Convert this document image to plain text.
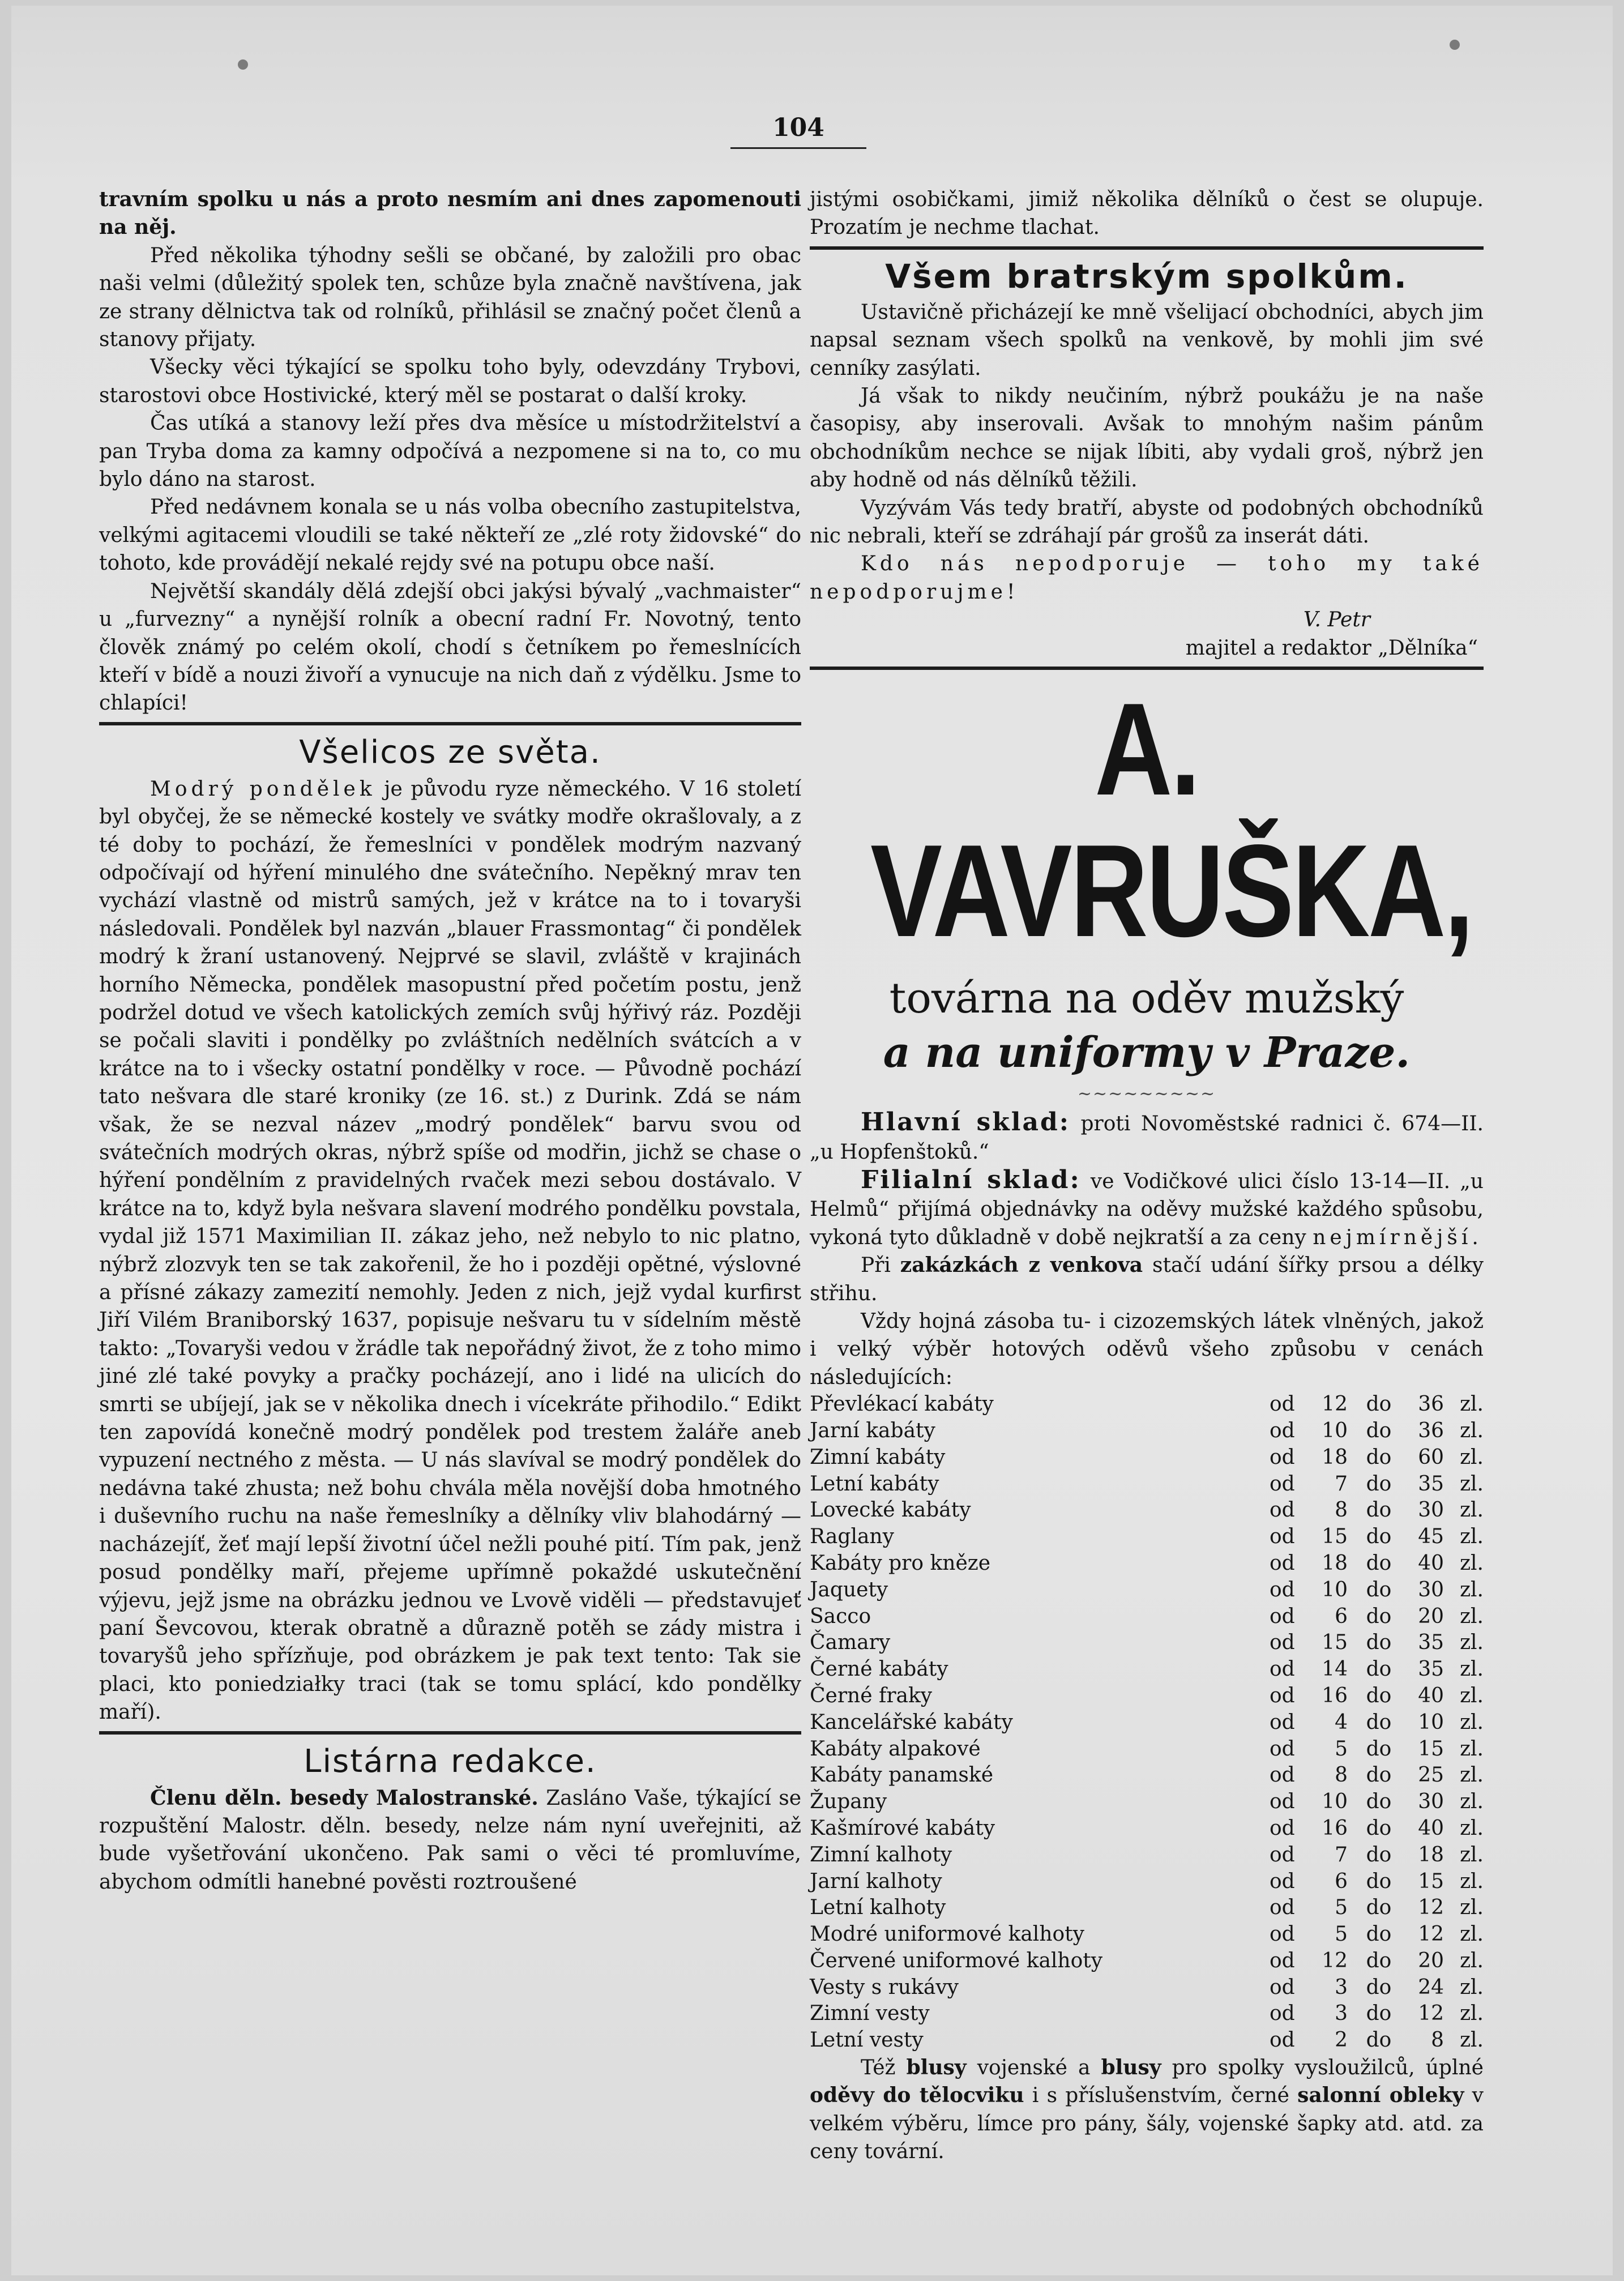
104

travním spolku u nás a proto nesmím ani dnes zapomenouti na něj.

Před několika týhodny sešli se občané, by založili pro obac naši velmi (důležitý spolek ten, schůze byla značně navštívena, jak ze strany dělnictva tak od rolníků, přihlásil se značný počet členů a stanovy přijaty.

Všecky věci týkající se spolku toho byly, odevzdány Trybovi, starostovi obce Hostivické, který měl se postarat o další kroky.

Čas utíká a stanovy leží přes dva měsíce u místodržitelství a pan Tryba doma za kamny odpočívá a nezpomene si na to, co mu bylo dáno na starost.

Před nedávnem konala se u nás volba obecního zastupitelstva, velkými agitacemi vloudili se také někteří ze „zlé roty židovské“ do tohoto, kde provádějí nekalé rejdy své na potupu obce naší.

Největší skandály dělá zdejší obci jakýsi bývalý „vachmaister“ u „furvezny“ a nynější rolník a obecní radní Fr. Novotný, tento člověk známý po celém okolí, chodí s četníkem po řemeslnících kteří v bídě a nouzi živoří a vynucuje na nich daň z výdělku. Jsme to chlapíci!

Všelicos ze světa.

Modrý pondělek je původu ryze německého. V 16 století byl obyčej, že se německé kostely ve svátky modře okrašlovaly, a z té doby to pochází, že řemeslníci v pondělek modrým nazvaný odpočívají od hýření minulého dne svátečního. Nepěkný mrav ten vychází vlastně od mistrů samých, jež v krátce na to i tovaryši následovali. Pondělek byl nazván „blauer Frassmontag“ či pondělek modrý k žraní ustanovený. Nejprvé se slavil, zvláště v krajinách horního Německa, pondělek masopustní před početím postu, jenž podržel dotud ve všech katolických zemích svůj hýřivý ráz. Později se počali slaviti i pondělky po zvláštních nedělních svátcích a v krátce na to i všecky ostatní pondělky v roce. — Původně pochází tato nešvara dle staré kroniky (ze 16. st.) z Durink. Zdá se nám však, že se nezval název „modrý pondělek“ barvu svou od svátečních modrých okras, nýbrž spíše od modřin, jichž se chase o hýření pondělním z pravidelných rvaček mezi sebou dostávalo. V krátce na to, když byla nešvara slavení modrého pondělku povstala, vydal již 1571 Maximilian II. zákaz jeho, než nebylo to nic platno, nýbrž zlozvyk ten se tak zakořenil, že ho i později opětné, výslovné a přísné zákazy zamezití nemohly. Jeden z nich, jejž vydal kurfirst Jiří Vilém Braniborský 1637, popisuje nešvaru tu v sídelním městě takto: „Tovaryši vedou v žrádle tak nepořádný život, že z toho mimo jiné zlé také povyky a pračky pocházejí, ano i lidé na ulicích do smrti se ubíjejí, jak se v několika dnech i vícekráte přihodilo.“ Edikt ten zapovídá konečně modrý pondělek pod trestem žaláře aneb vypuzení nectného z města. — U nás slavíval se modrý pondělek do nedávna také zhusta; než bohu chvála měla novější doba hmotného i duševního ruchu na naše řemeslníky a dělníky vliv blahodárný — nacházejíť, žeť mají lepší životní účel nežli pouhé pití. Tím pak, jenž posud pondělky maří, přejeme upřímně pokaždé uskutečnění výjevu, jejž jsme na obrázku jednou ve Lvově viděli — představujeť paní Ševcovou, kterak obratně a důrazně potěh se zády mistra i tovaryšů jeho spřízňuje, pod obrázkem je pak text tento: Tak sie placi, kto poniedziałky traci (tak se tomu splácí, kdo pondělky maří).

Listárna redakce.

Členu děln. besedy Malostranské. Zasláno Vaše, týkající se rozpuštění Malostr. děln. besedy, nelze nám nyní uveřejniti, až bude vyšetřování ukončeno. Pak sami o věci té promluvíme, abychom odmítli hanebné pověsti roztroušené

jistými osobičkami, jimiž několika dělníků o čest se olupuje. Prozatím je nechme tlachat.

Všem bratrským spolkům.

Ustavičně přicházejí ke mně všelijací obchodníci, abych jim napsal seznam všech spolků na venkově, by mohli jim své cenníky zasýlati.

Já však to nikdy neučiním, nýbrž poukážu je na naše časopisy, aby inserovali. Avšak to mnohým našim pánům obchodníkům nechce se nijak líbiti, aby vydali groš, nýbrž jen aby hodně od nás dělníků těžili.

Vyzývám Vás tedy bratří, abyste od podobných obchodníků nic nebrali, kteří se zdráhají pár grošů za inserát dáti.

Kdo nás nepodporuje — toho my také nepodporujme!

V. Petr
majitel a redaktor „Dělníka“
A. VAVRUŠKA,
továrna na oděv mužský
a na uniformy v Praze.
~~~~~~~~~

Hlavní sklad: proti Novoměstské radnici č. 674—II. „u Hopfenštoků.“

Filialní sklad: ve Vodičkové ulici číslo 13-14—II. „u Helmů“ přijímá objednávky na oděvy mužské každého spůsobu, vykoná tyto důkladně v době nejkratší a za ceny nejmírnější.

Při zakázkách z venkova stačí udání šířky prsou a délky střihu.

Vždy hojná zásoba tu- i cizozemských látek vlněných, jakož i velký výběr hotových oděvů všeho způsobu v cenách následujících:

Převlékací kabáty	od	12	do	36	zl.
Jarní kabáty	od	10	do	36	zl.
Zimní kabáty	od	18	do	60	zl.
Letní kabáty	od	7	do	35	zl.
Lovecké kabáty	od	8	do	30	zl.
Raglany	od	15	do	45	zl.
Kabáty pro kněze	od	18	do	40	zl.
Jaquety	od	10	do	30	zl.
Sacco	od	6	do	20	zl.
Čamary	od	15	do	35	zl.
Černé kabáty	od	14	do	35	zl.
Černé fraky	od	16	do	40	zl.
Kancelářské kabáty	od	4	do	10	zl.
Kabáty alpakové	od	5	do	15	zl.
Kabáty panamské	od	8	do	25	zl.
Župany	od	10	do	30	zl.
Kašmírové kabáty	od	16	do	40	zl.
Zimní kalhoty	od	7	do	18	zl.
Jarní kalhoty	od	6	do	15	zl.
Letní kalhoty	od	5	do	12	zl.
Modré uniformové kalhoty	od	5	do	12	zl.
Červené uniformové kalhoty	od	12	do	20	zl.
Vesty s rukávy	od	3	do	24	zl.
Zimní vesty	od	3	do	12	zl.
Letní vesty	od	2	do	8	zl.

Též blusy vojenské a blusy pro spolky vysloužilců, úplné oděvy do tělocviku i s příslušenstvím, černé salonní obleky v velkém výběru, límce pro pány, šály, vojenské šapky atd. atd. za ceny tovární.
